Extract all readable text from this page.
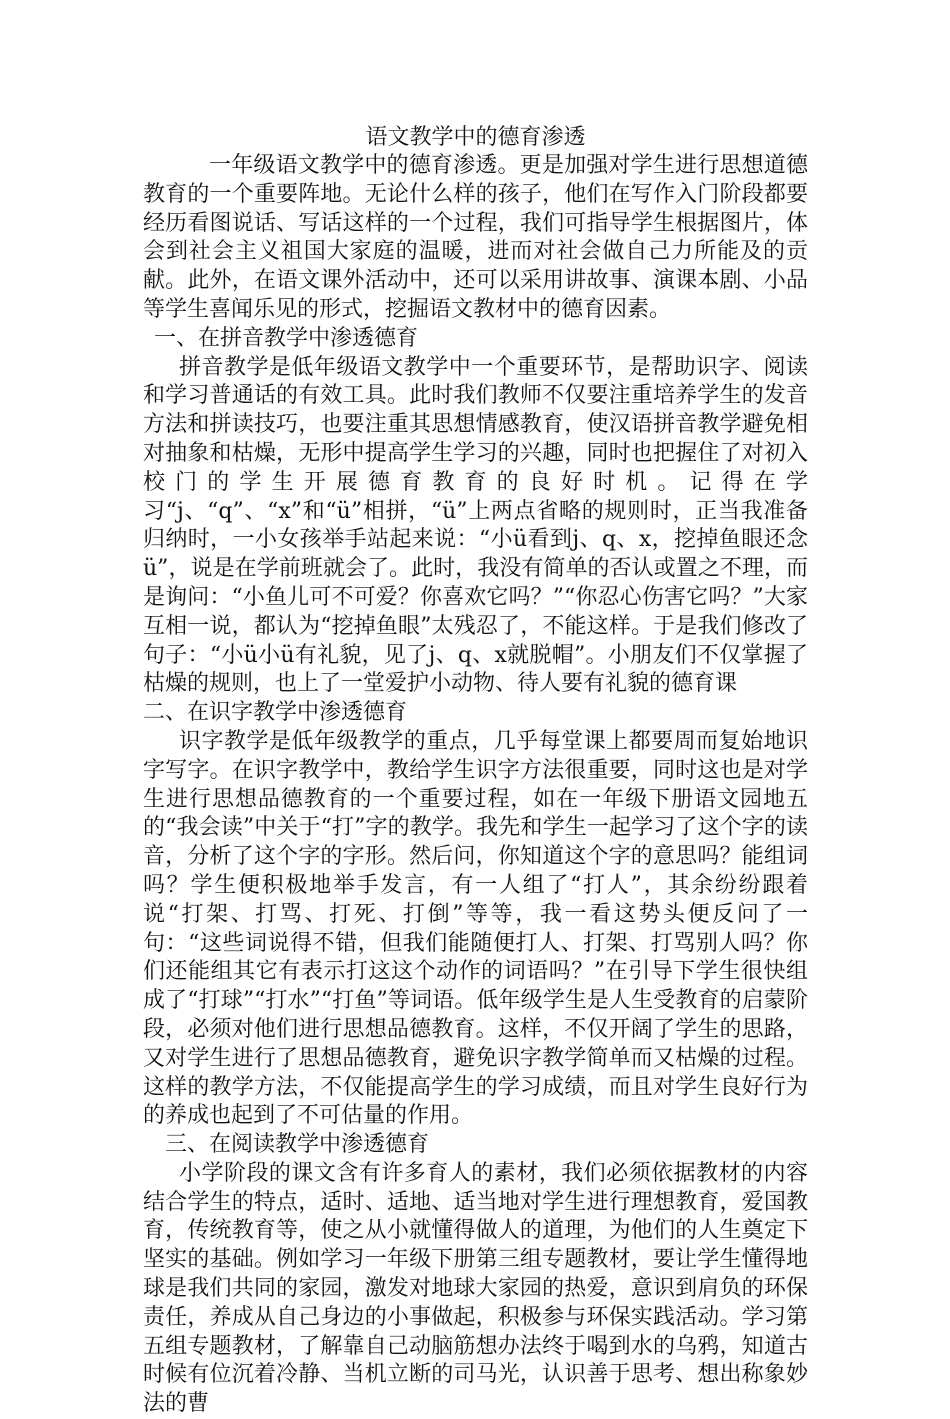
语文教学中的德育渗透

一年级语文教学中的德育渗透。更是加强对学生进行思想道德教育的一个重要阵地。无论什么样的孩子，他们在写作入门阶段都要经历看图说话、写话这样的一个过程，我们可指导学生根据图片，体会到社会主义祖国大家庭的温暖，进而对社会做自己力所能及的贡献。此外，在语文课外活动中，还可以采用讲故事、演课本剧、小品等学生喜闻乐见的形式，挖掘语文教材中的德育因素。

一、在拼音教学中渗透德育

拼音教学是低年级语文教学中一个重要环节，是帮助识字、阅读和学习普通话的有效工具。此时我们教师不仅要注重培养学生的发音方法和拼读技巧，也要注重其思想情感教育，使汉语拼音教学避免相对抽象和枯燥，无形中提高学生学习的兴趣，同时也把握住了对初入校门的学生开展德育教育的良好时机。记得在学习“j、“q”、“x”和“ü”相拼，“ü”上两点省略的规则时，正当我准备归纳时，一小女孩举手站起来说：“小ü看到j、q、x，挖掉鱼眼还念ü”，说是在学前班就会了。此时，我没有简单的否认或置之不理，而是询问：“小鱼儿可不可爱？你喜欢它吗？”“你忍心伤害它吗？”大家互相一说，都认为“挖掉鱼眼”太残忍了，不能这样。于是我们修改了句子：“小ü小ü有礼貌，见了j、q、x就脱帽”。小朋友们不仅掌握了枯燥的规则，也上了一堂爱护小动物、待人要有礼貌的德育课

二、在识字教学中渗透德育

识字教学是低年级教学的重点，几乎每堂课上都要周而复始地识字写字。在识字教学中，教给学生识字方法很重要，同时这也是对学生进行思想品德教育的一个重要过程，如在一年级下册语文园地五的“我会读”中关于“打”字的教学。我先和学生一起学习了这个字的读音，分析了这个字的字形。然后问，你知道这个字的意思吗？能组词吗？学生便积极地举手发言，有一人组了“打人”，其余纷纷跟着说“打架、打骂、打死、打倒”等等，我一看这势头便反问了一句：“这些词说得不错，但我们能随便打人、打架、打骂别人吗？你们还能组其它有表示打这这个动作的词语吗？”在引导下学生很快组成了“打球”“打水”“打鱼”等词语。低年级学生是人生受教育的启蒙阶段，必须对他们进行思想品德教育。这样，不仅开阔了学生的思路，又对学生进行了思想品德教育，避免识字教学简单而又枯燥的过程。这样的教学方法，不仅能提高学生的学习成绩，而且对学生良好行为的养成也起到了不可估量的作用。

三、在阅读教学中渗透德育

小学阶段的课文含有许多育人的素材，我们必须依据教材的内容结合学生的特点，适时、适地、适当地对学生进行理想教育，爱国教育，传统教育等，使之从小就懂得做人的道理，为他们的人生奠定下坚实的基础。例如学习一年级下册第三组专题教材，要让学生懂得地球是我们共同的家园，激发对地球大家园的热爱，意识到肩负的环保责任，养成从自己身边的小事做起，积极参与环保实践活动。学习第五组专题教材，了解靠自己动脑筋想办法终于喝到水的乌鸦，知道古时候有位沉着冷静、当机立断的司马光，认识善于思考、想出称象妙法的曹
